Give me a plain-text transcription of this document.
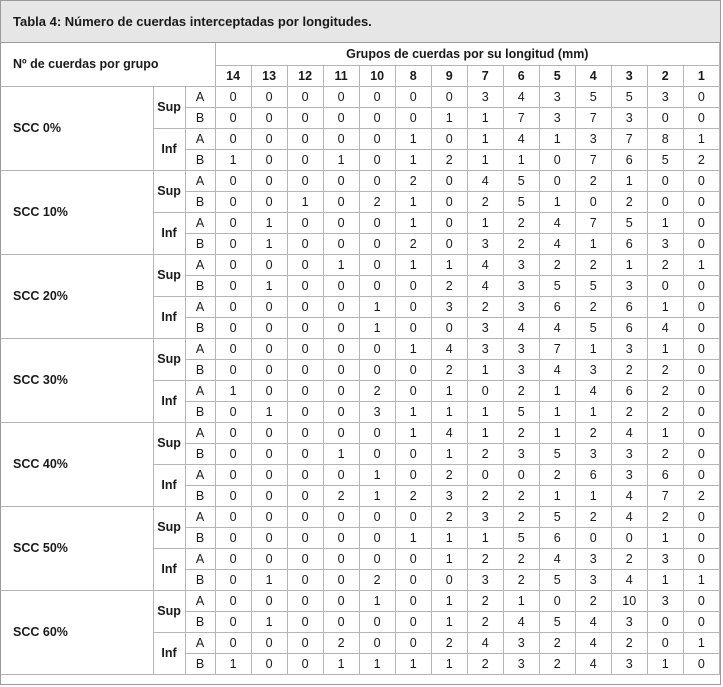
Tabla 4: Número de cuerdas interceptadas por longitudes.
Nº de cuerdas por grupo			Grupos de cuerdas por su longitud (mm)													
			14	13	12	11	10	8	9	7	6	5	4	3	2	1
SCC 0%	Sup	A	0	0	0	0	0	0	0	3	4	3	5	5	3	0
		B	0	0	0	0	0	0	1	1	7	3	7	3	0	0
	Inf	A	0	0	0	0	0	1	0	1	4	1	3	7	8	1
		B	1	0	0	1	0	1	2	1	1	0	7	6	5	2
SCC 10%	Sup	A	0	0	0	0	0	2	0	4	5	0	2	1	0	0
		B	0	0	1	0	2	1	0	2	5	1	0	2	0	0
	Inf	A	0	1	0	0	0	1	0	1	2	4	7	5	1	0
		B	0	1	0	0	0	2	0	3	2	4	1	6	3	0
SCC 20%	Sup	A	0	0	0	1	0	1	1	4	3	2	2	1	2	1
		B	0	1	0	0	0	0	2	4	3	5	5	3	0	0
	Inf	A	0	0	0	0	1	0	3	2	3	6	2	6	1	0
		B	0	0	0	0	1	0	0	3	4	4	5	6	4	0
SCC 30%	Sup	A	0	0	0	0	0	1	4	3	3	7	1	3	1	0
		B	0	0	0	0	0	0	2	1	3	4	3	2	2	0
	Inf	A	1	0	0	0	2	0	1	0	2	1	4	6	2	0
		B	0	1	0	0	3	1	1	1	5	1	1	2	2	0
SCC 40%	Sup	A	0	0	0	0	0	1	4	1	2	1	2	4	1	0
		B	0	0	0	1	0	0	1	2	3	5	3	3	2	0
	Inf	A	0	0	0	0	1	0	2	0	0	2	6	3	6	0
		B	0	0	0	2	1	2	3	2	2	1	1	4	7	2
SCC 50%	Sup	A	0	0	0	0	0	0	2	3	2	5	2	4	2	0
		B	0	0	0	0	0	1	1	1	5	6	0	0	1	0
	Inf	A	0	0	0	0	0	0	1	2	2	4	3	2	3	0
		B	0	1	0	0	2	0	0	3	2	5	3	4	1	1
SCC 60%	Sup	A	0	0	0	0	1	0	1	2	1	0	2	10	3	0
		B	0	1	0	0	0	0	1	2	4	5	4	3	0	0
	Inf	A	0	0	0	2	0	0	2	4	3	2	4	2	0	1
		B	1	0	0	1	1	1	1	2	3	2	4	3	1	0
